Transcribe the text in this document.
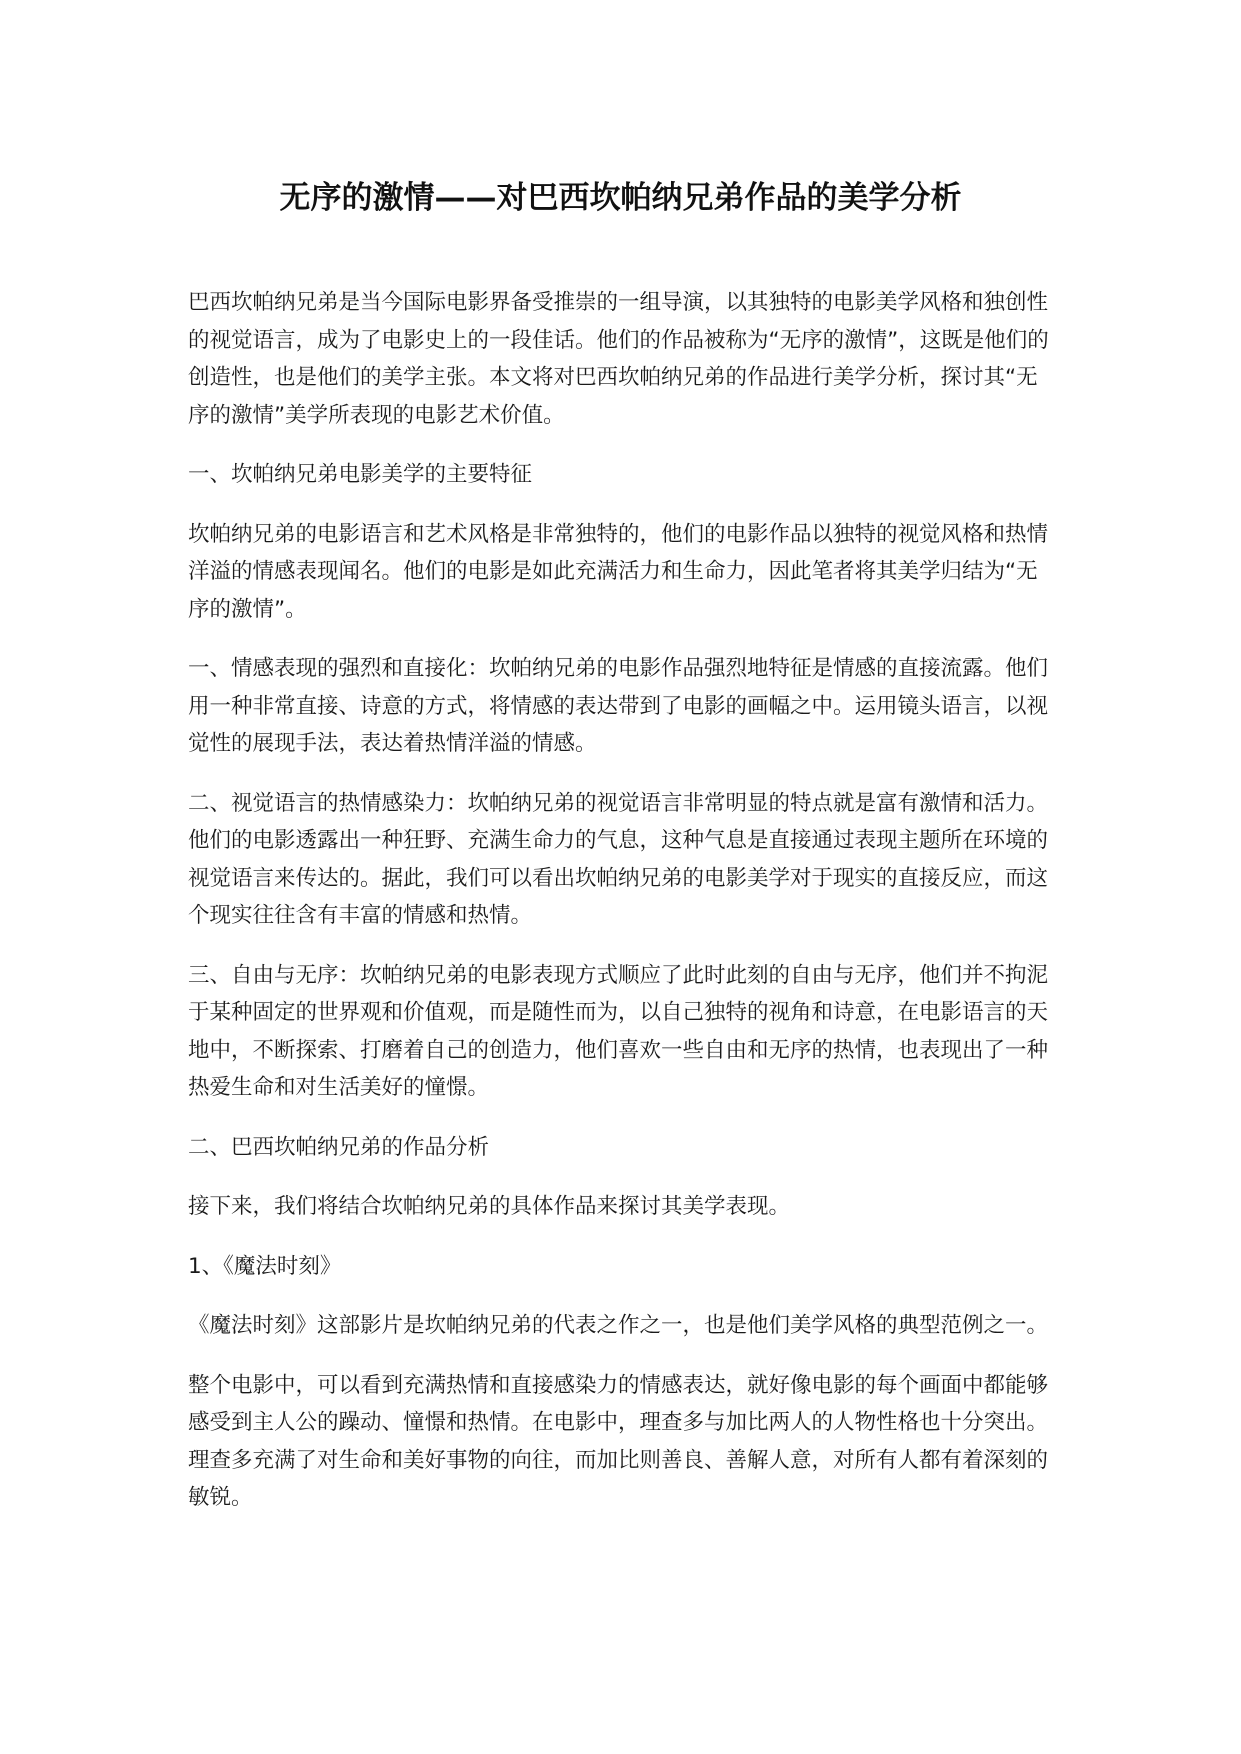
无序的激情——对巴西坎帕纳兄弟作品的美学分析

巴西坎帕纳兄弟是当今国际电影界备受推崇的一组导演，以其独特的电影美学风格和独创性的视觉语言，成为了电影史上的一段佳话。他们的作品被称为“无序的激情”，这既是他们的创造性，也是他们的美学主张。本文将对巴西坎帕纳兄弟的作品进行美学分析，探讨其“无序的激情”美学所表现的电影艺术价值。

一、坎帕纳兄弟电影美学的主要特征

坎帕纳兄弟的电影语言和艺术风格是非常独特的，他们的电影作品以独特的视觉风格和热情洋溢的情感表现闻名。他们的电影是如此充满活力和生命力，因此笔者将其美学归结为“无序的激情”。

一、情感表现的强烈和直接化：坎帕纳兄弟的电影作品强烈地特征是情感的直接流露。他们用一种非常直接、诗意的方式，将情感的表达带到了电影的画幅之中。运用镜头语言，以视觉性的展现手法，表达着热情洋溢的情感。

二、视觉语言的热情感染力：坎帕纳兄弟的视觉语言非常明显的特点就是富有激情和活力。他们的电影透露出一种狂野、充满生命力的气息，这种气息是直接通过表现主题所在环境的视觉语言来传达的。据此，我们可以看出坎帕纳兄弟的电影美学对于现实的直接反应，而这个现实往往含有丰富的情感和热情。

三、自由与无序：坎帕纳兄弟的电影表现方式顺应了此时此刻的自由与无序，他们并不拘泥于某种固定的世界观和价值观，而是随性而为，以自己独特的视角和诗意，在电影语言的天地中，不断探索、打磨着自己的创造力，他们喜欢一些自由和无序的热情，也表现出了一种热爱生命和对生活美好的憧憬。

二、巴西坎帕纳兄弟的作品分析

接下来，我们将结合坎帕纳兄弟的具体作品来探讨其美学表现。

1、《魔法时刻》

《魔法时刻》这部影片是坎帕纳兄弟的代表之作之一，也是他们美学风格的典型范例之一。

整个电影中，可以看到充满热情和直接感染力的情感表达，就好像电影的每个画面中都能够感受到主人公的躁动、憧憬和热情。在电影中，理查多与加比两人的人物性格也十分突出。理查多充满了对生命和美好事物的向往，而加比则善良、善解人意，对所有人都有着深刻的敏锐。
